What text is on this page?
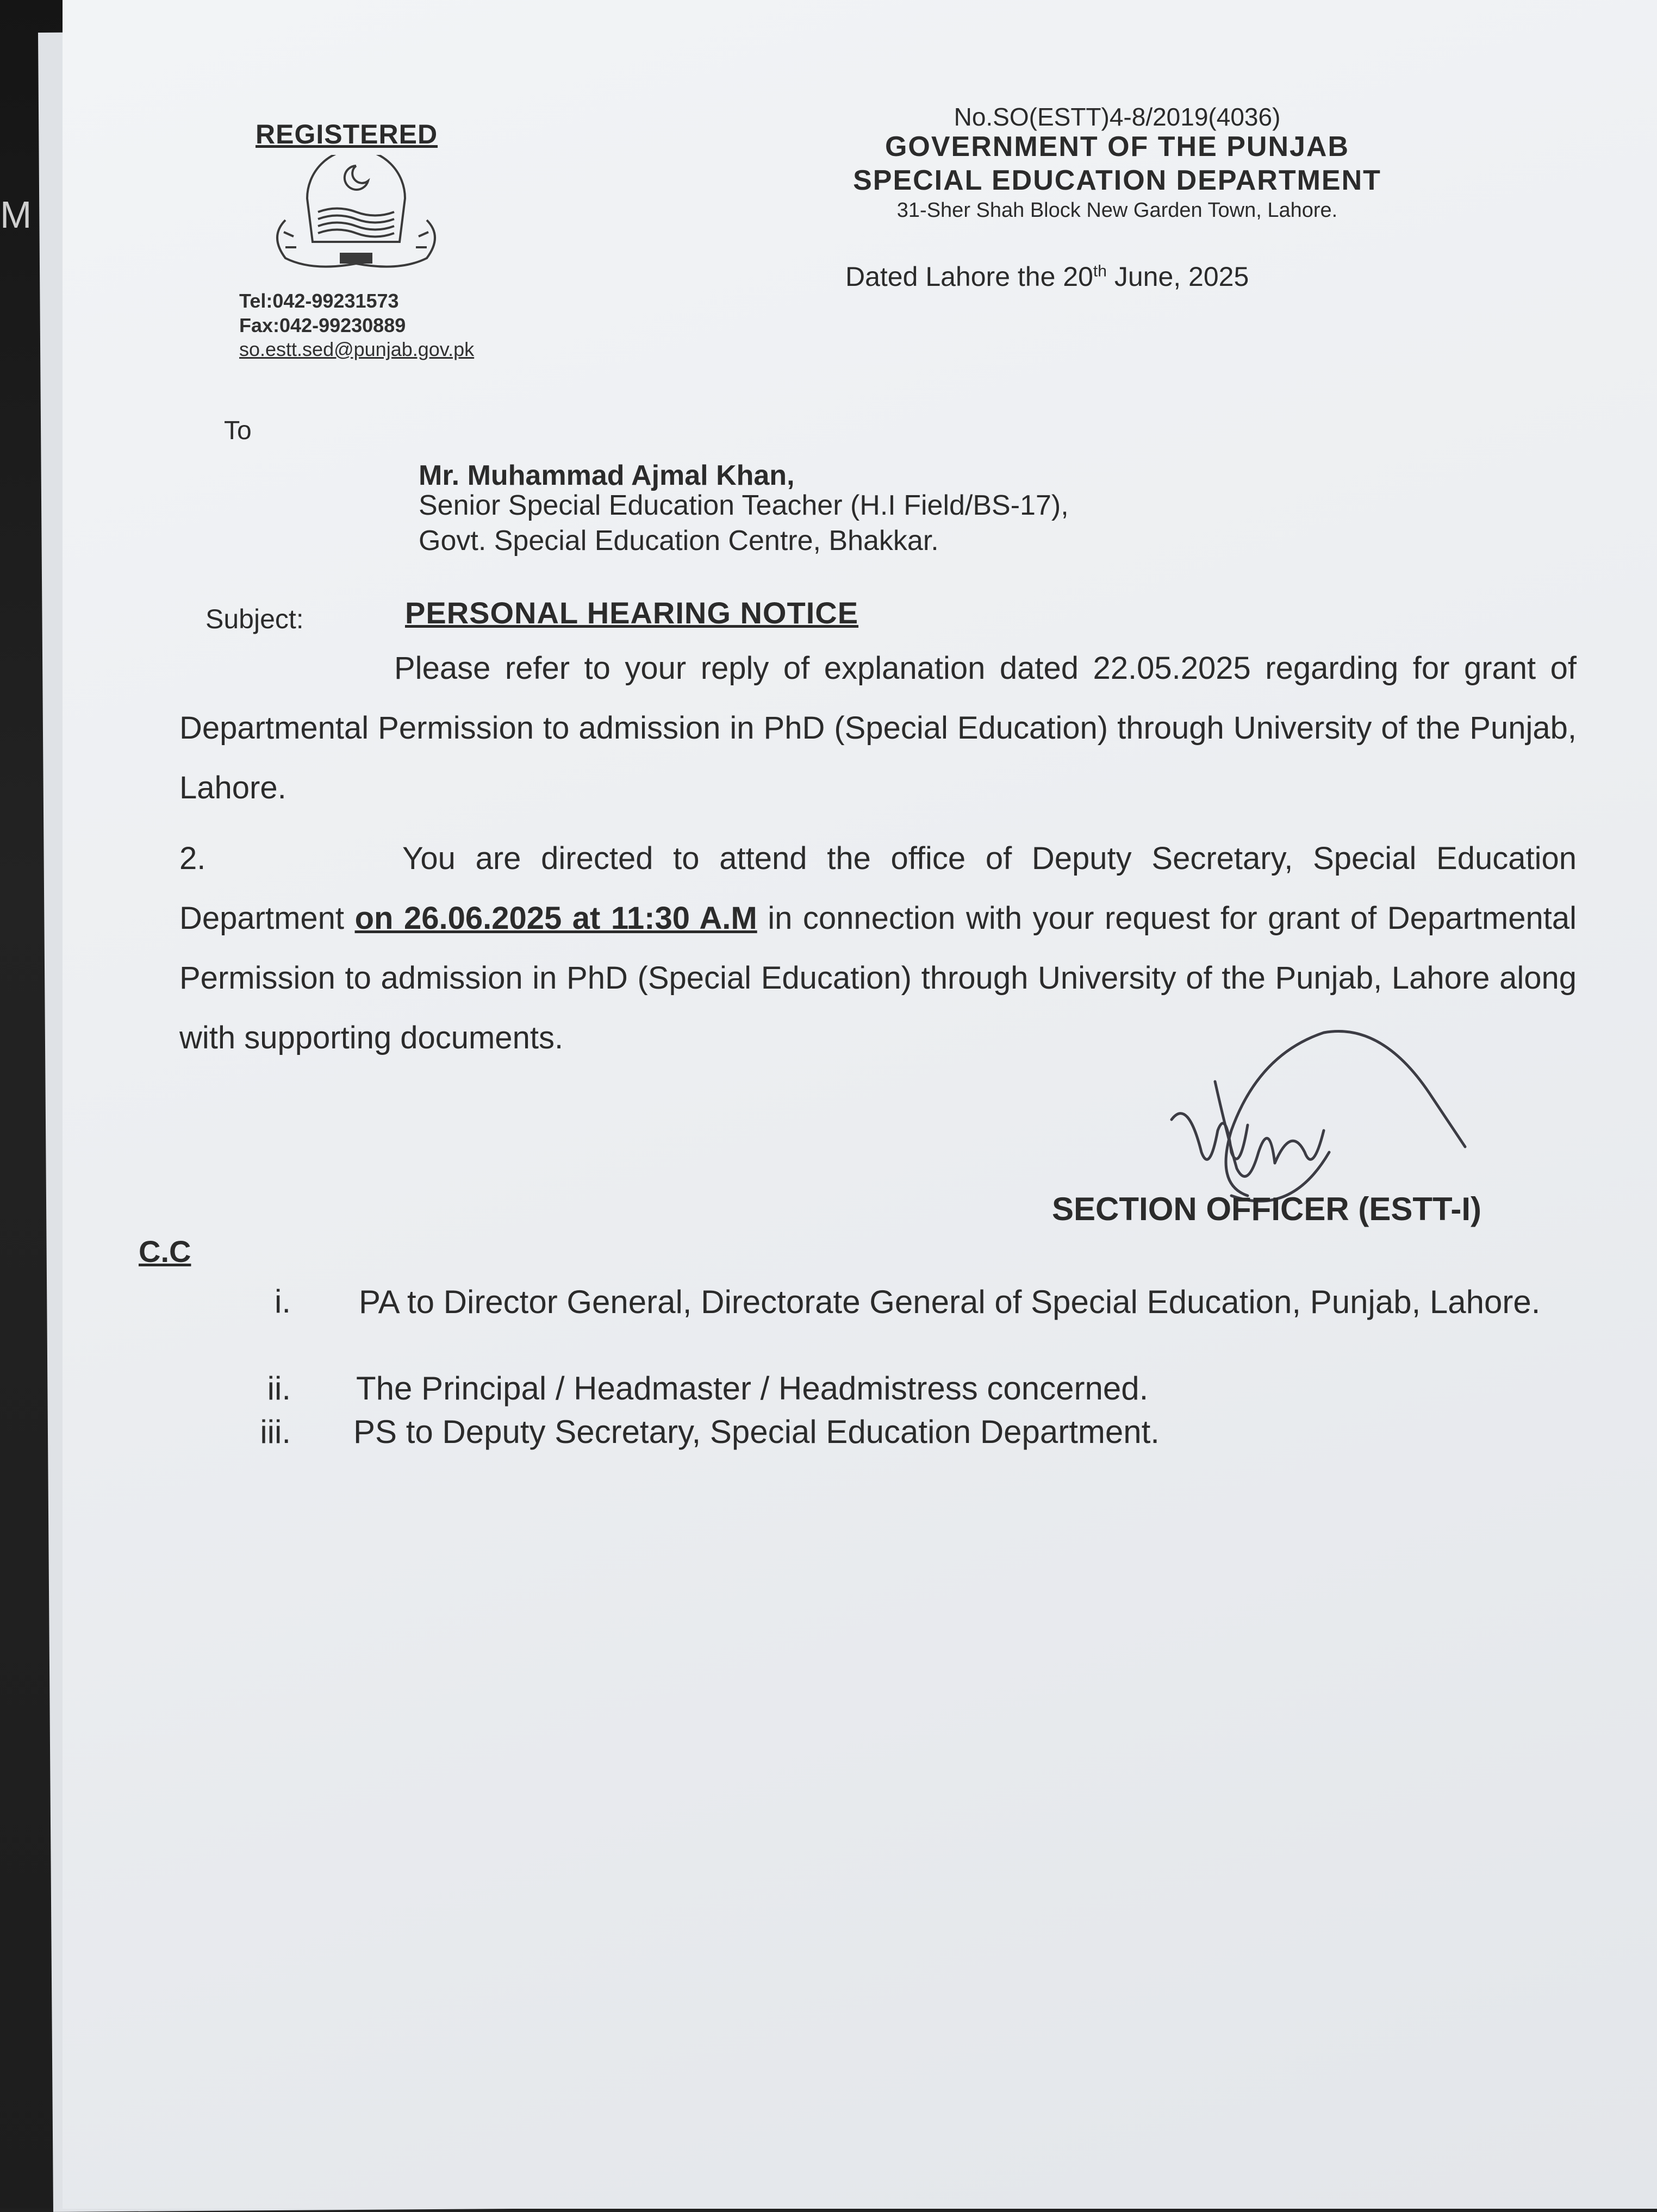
M
REGISTERED
Tel:042-99231573
Fax:042-99230889
so.estt.sed@punjab.gov.pk
No.SO(ESTT)4-8/2019(4036)
GOVERNMENT OF THE PUNJAB
SPECIAL EDUCATION DEPARTMENT
31-Sher Shah Block New Garden Town, Lahore.
Dated Lahore the 20th June, 2025
To
Mr. Muhammad Ajmal Khan,
Senior Special Education Teacher (H.I Field/BS-17),
Govt. Special Education Centre, Bhakkar.
Subject:	PERSONAL HEARING NOTICE
Please refer to your reply of explanation dated 22.05.2025 regarding for grant of Departmental Permission to admission in PhD (Special Education) through University of the Punjab, Lahore.
2.	You are directed to attend the office of Deputy Secretary, Special Education Department on 26.06.2025 at 11:30 A.M in connection with your request for grant of Departmental Permission to admission in PhD (Special Education) through University of the Punjab, Lahore along with supporting documents.
SECTION OFFICER (ESTT-I)
C.C
i. PA to Director General, Directorate General of Special Education, Punjab, Lahore.
ii. The Principal / Headmaster / Headmistress concerned.
iii. PS to Deputy Secretary, Special Education Department.
